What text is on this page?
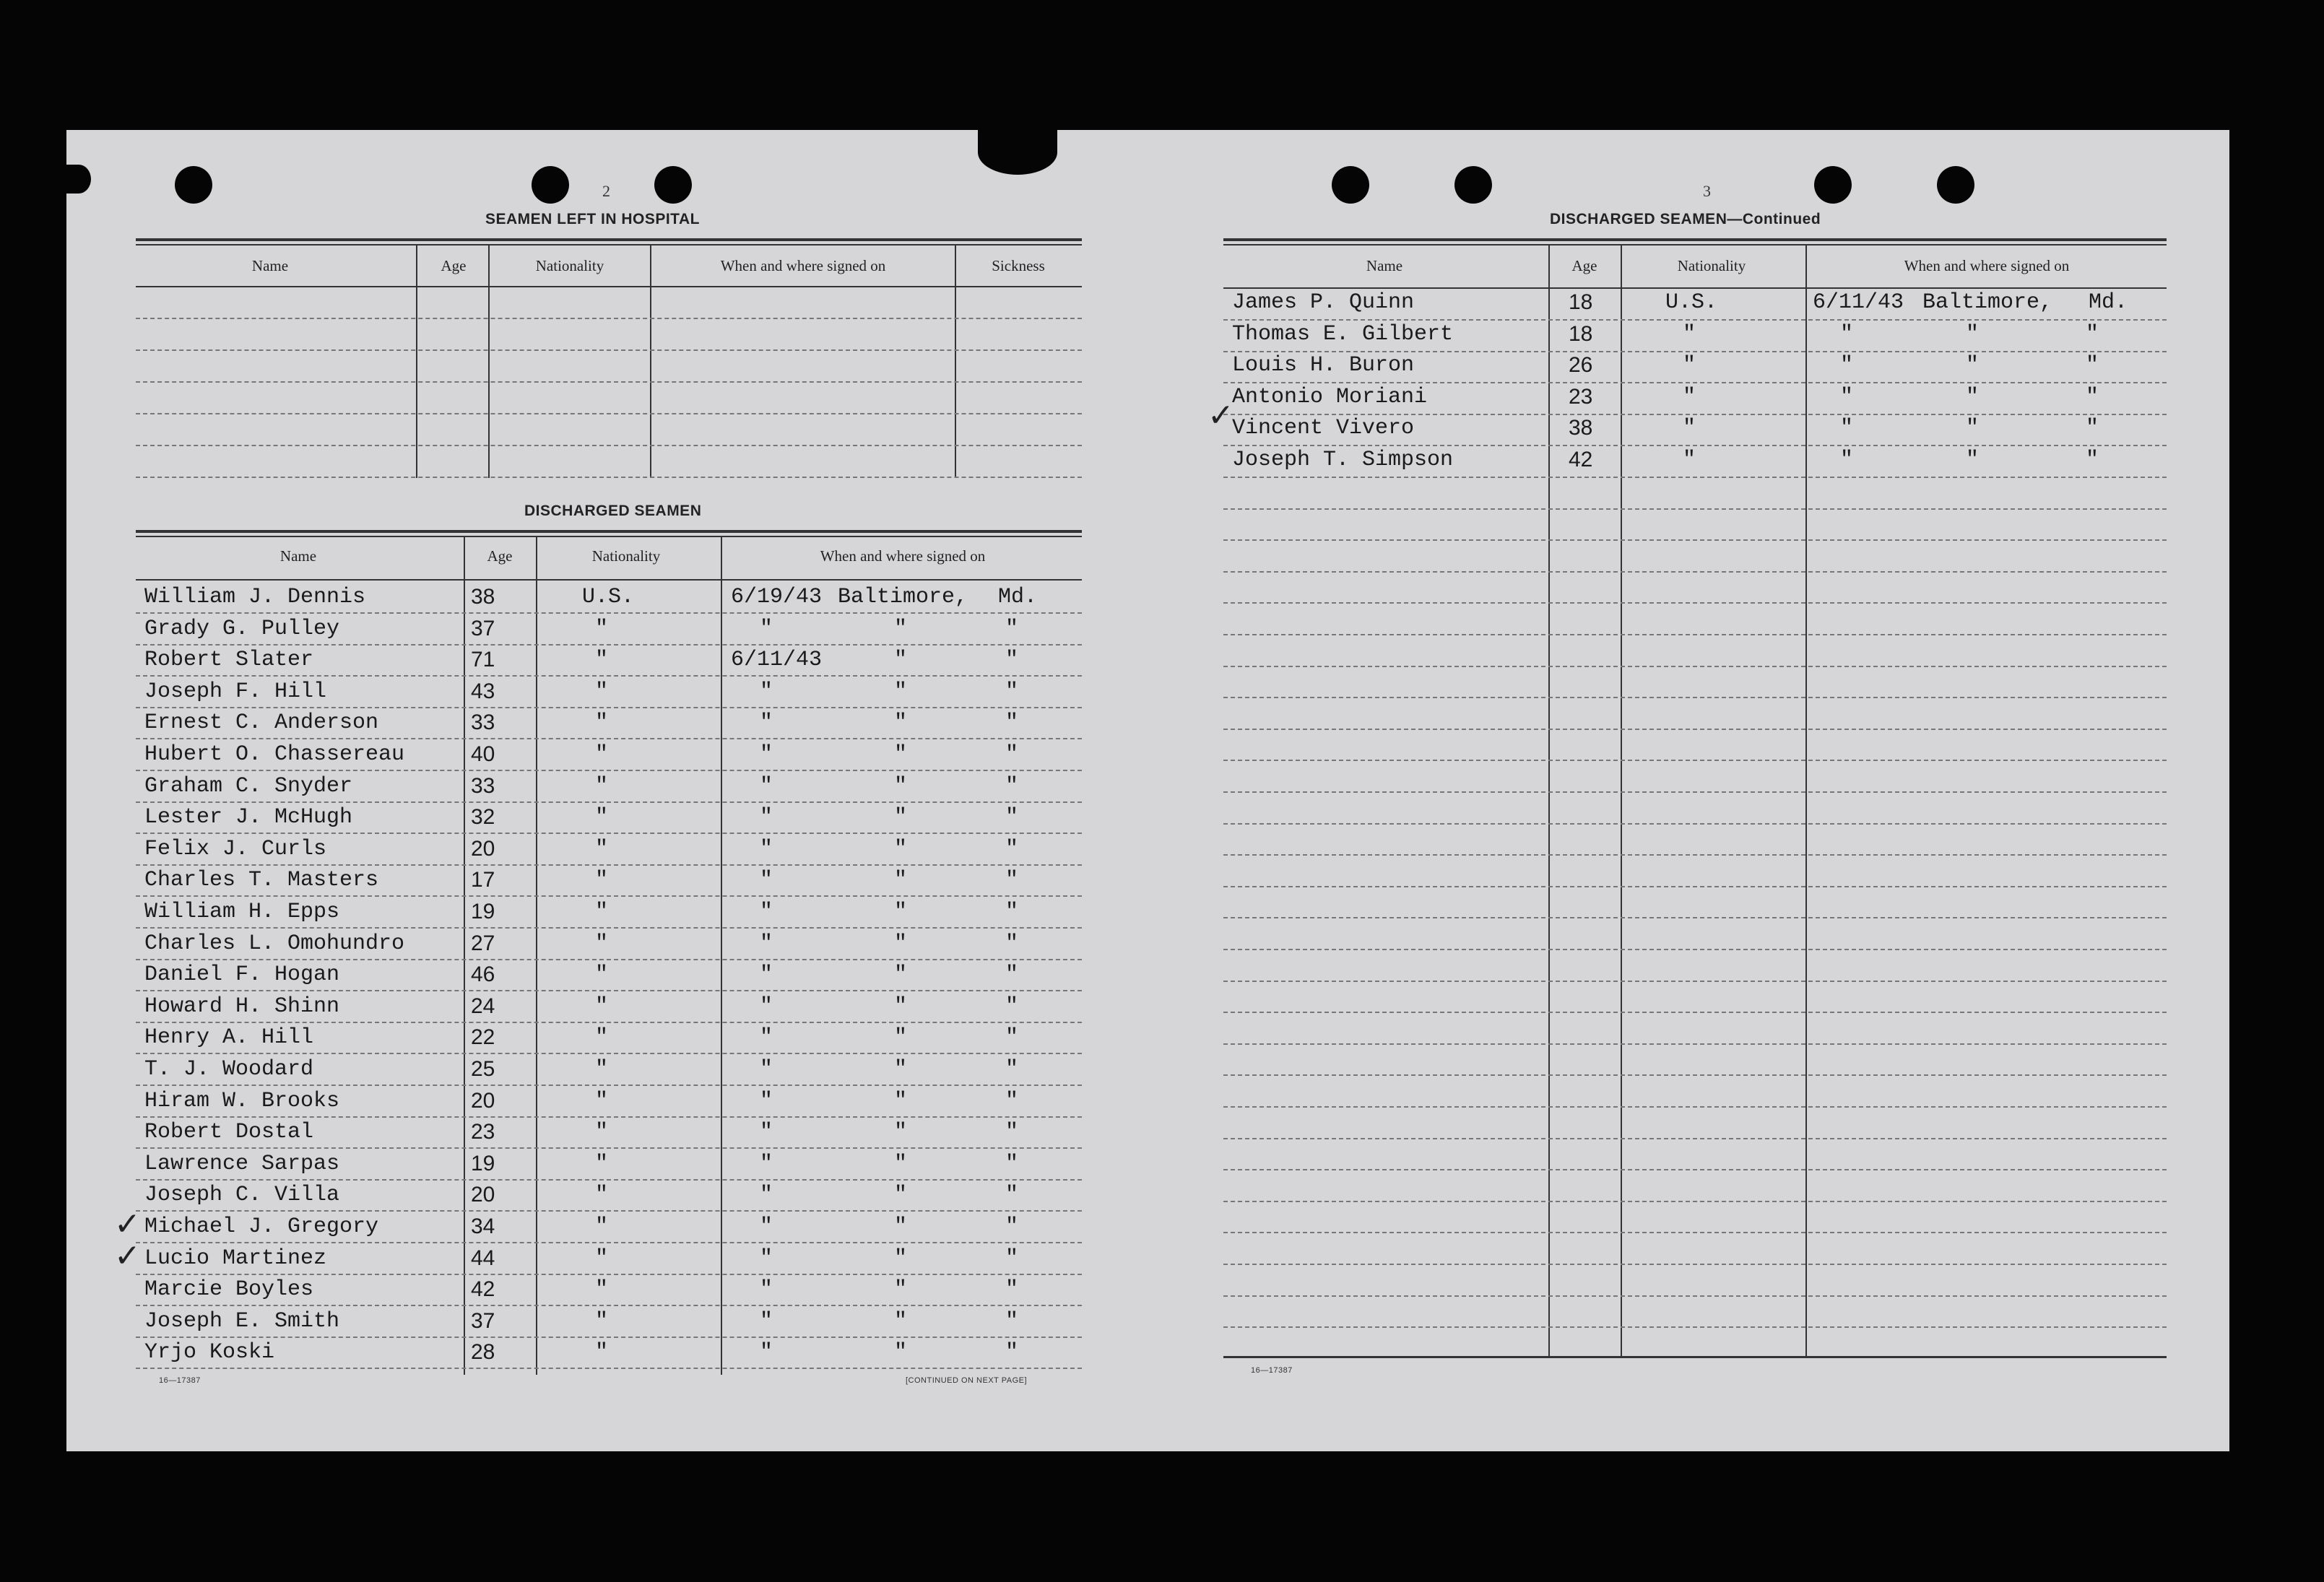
2
SEAMEN LEFT IN HOSPITAL
Name	Age	Nationality	When and where signed on	Sickness
DISCHARGED SEAMEN
Name	Age	Nationality	When and where signed on
William J. Dennis	38	U.S.	6/19/43 Baltimore, Md.
Grady G. Pulley	37	"	"	"	"
Robert Slater	71	"	6/11/43	"	"
Joseph F. Hill	43	"	"	"	"
Ernest C. Anderson	33	"	"	"	"
Hubert O. Chassereau	40	"	"	"	"
Graham C. Snyder	33	"	"	"	"
Lester J. McHugh	32	"	"	"	"
Felix J. Curls	20	"	"	"	"
Charles T. Masters	17	"	"	"	"
William H. Epps	19	"	"	"	"
Charles L. Omohundro	27	"	"	"	"
Daniel F. Hogan	46	"	"	"	"
Howard H. Shinn	24	"	"	"	"
Henry A. Hill	22	"	"	"	"
T. J. Woodard	25	"	"	"	"
Hiram W. Brooks	20	"	"	"	"
Robert Dostal	23	"	"	"	"
Lawrence Sarpas	19	"	"	"	"
Joseph C. Villa	20	"	"	"	"
Michael J. Gregory	34	"	"	"	"
Lucio Martinez	44	"	"	"	"
Marcie Boyles	42	"	"	"	"
Joseph E. Smith	37	"	"	"	"
Yrjo Koski	28	"	"	"	"
✓
✓
16—17387	[CONTINUED ON NEXT PAGE]
3
DISCHARGED SEAMEN—Continued
Name	Age	Nationality	When and where signed on
James P. Quinn	18	U.S.	6/11/43 Baltimore, Md.
Thomas E. Gilbert	18	"	"	"	"
Louis H. Buron	26	"	"	"	"
Antonio Moriani	23	"	"	"	"
Vincent Vivero	38	"	"	"	"
Joseph T. Simpson	42	"	"	"	"
✓
16—17387
